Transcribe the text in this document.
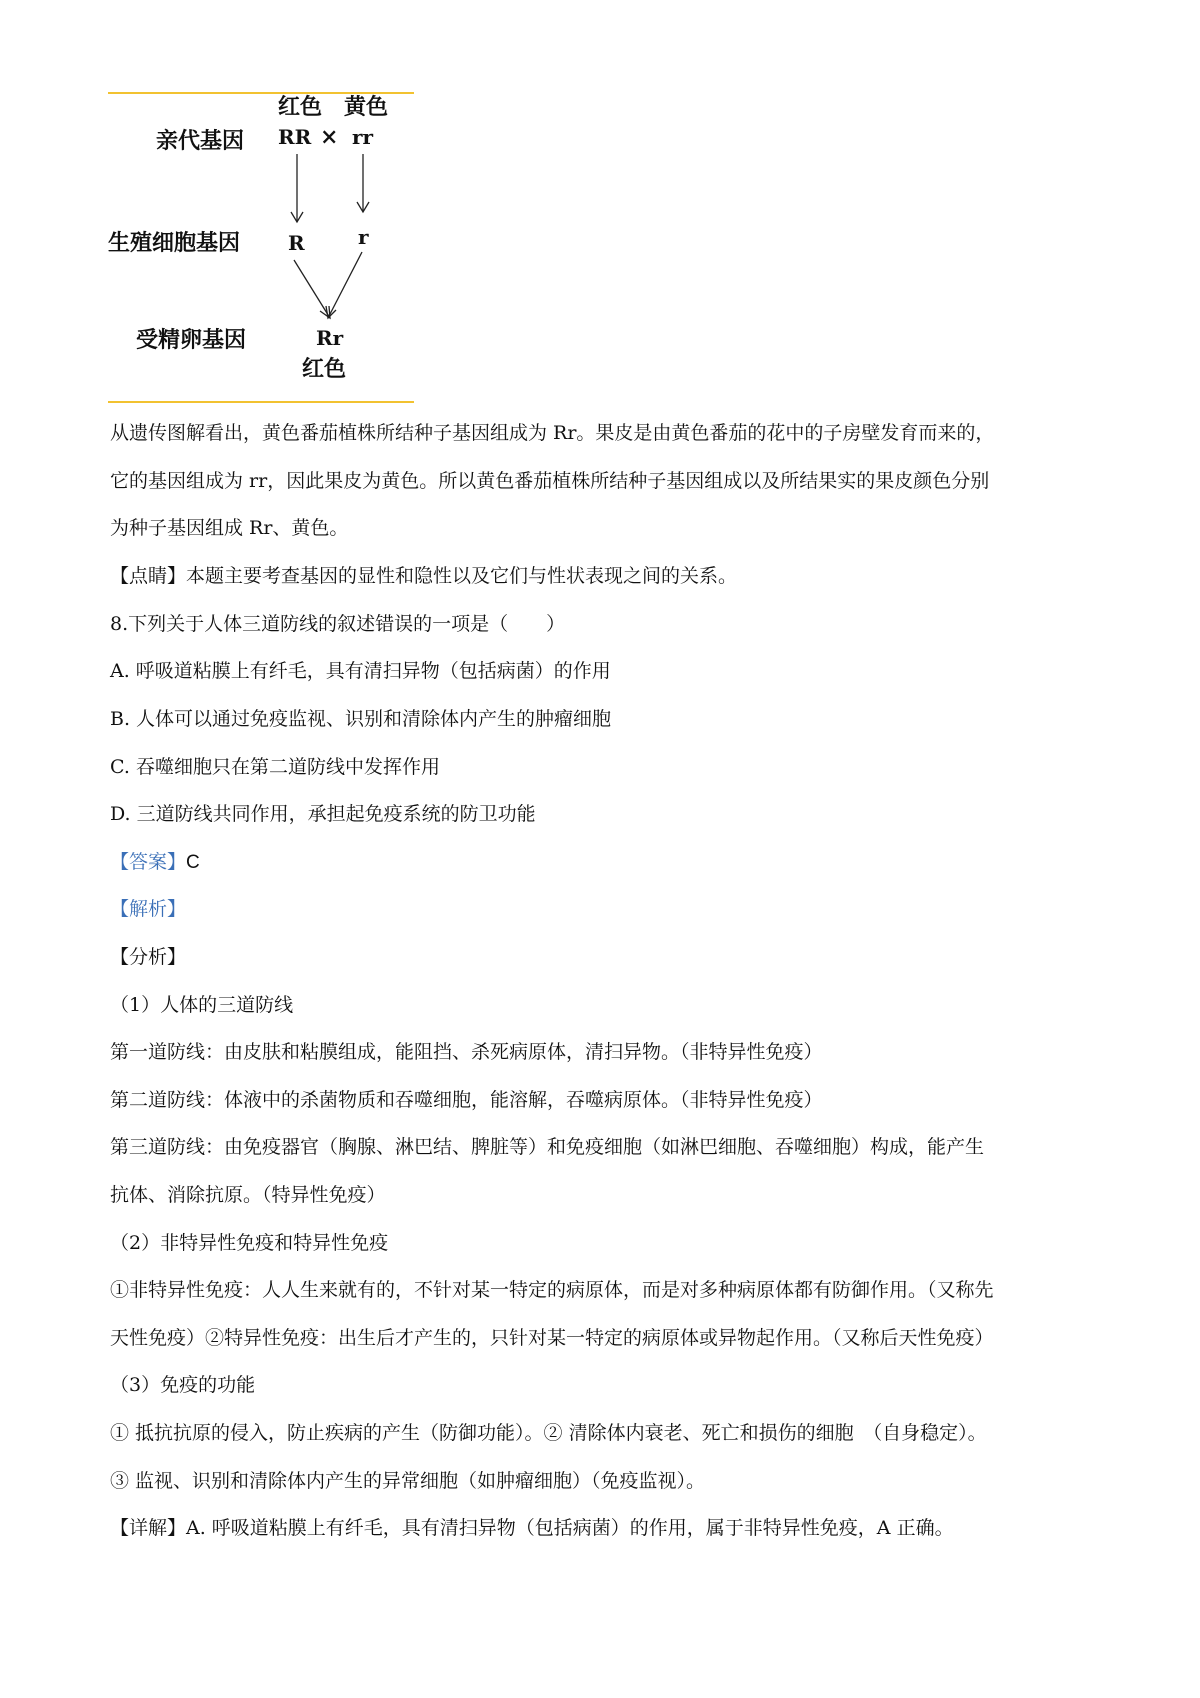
亲代基因
生殖细胞基因
受精卵基因
红色 黄色
RR × rr
R	r
Rr
红色
从遗传图解看出，黄色番茄植株所结种子基因组成为 Rr。果皮是由黄色番茄的花中的子房壁发育而来的，
它的基因组成为 rr，因此果皮为黄色。所以黄色番茄植株所结种子基因组成以及所结果实的果皮颜色分别
为种子基因组成 Rr、黄色。
【点睛】本题主要考查基因的显性和隐性以及它们与性状表现之间的关系。
8.下列关于人体三道防线的叙述错误的一项是（　　）
A. 呼吸道粘膜上有纤毛，具有清扫异物（包括病菌）的作用
B. 人体可以通过免疫监视、识别和清除体内产生的肿瘤细胞
C. 吞噬细胞只在第二道防线中发挥作用
D. 三道防线共同作用，承担起免疫系统的防卫功能
【答案】C
【解析】
【分析】
（1）人体的三道防线
第一道防线：由皮肤和粘膜组成，能阻挡、杀死病原体，清扫异物。（非特异性免疫）
第二道防线：体液中的杀菌物质和吞噬细胞，能溶解，吞噬病原体。（非特异性免疫）
第三道防线：由免疫器官（胸腺、淋巴结、脾脏等）和免疫细胞（如淋巴细胞、吞噬细胞）构成，能产生
抗体、消除抗原。（特异性免疫）
（2）非特异性免疫和特异性免疫
①非特异性免疫：人人生来就有的，不针对某一特定的病原体，而是对多种病原体都有防御作用。（又称先
天性免疫）②特异性免疫：出生后才产生的，只针对某一特定的病原体或异物起作用。（又称后天性免疫）
（3）免疫的功能
① 抵抗抗原的侵入，防止疾病的产生（防御功能）。② 清除体内衰老、死亡和损伤的细胞　（自身稳定）。
③ 监视、识别和清除体内产生的异常细胞（如肿瘤细胞）（免疫监视）。
【详解】A. 呼吸道粘膜上有纤毛，具有清扫异物（包括病菌）的作用，属于非特异性免疫，A 正确。
